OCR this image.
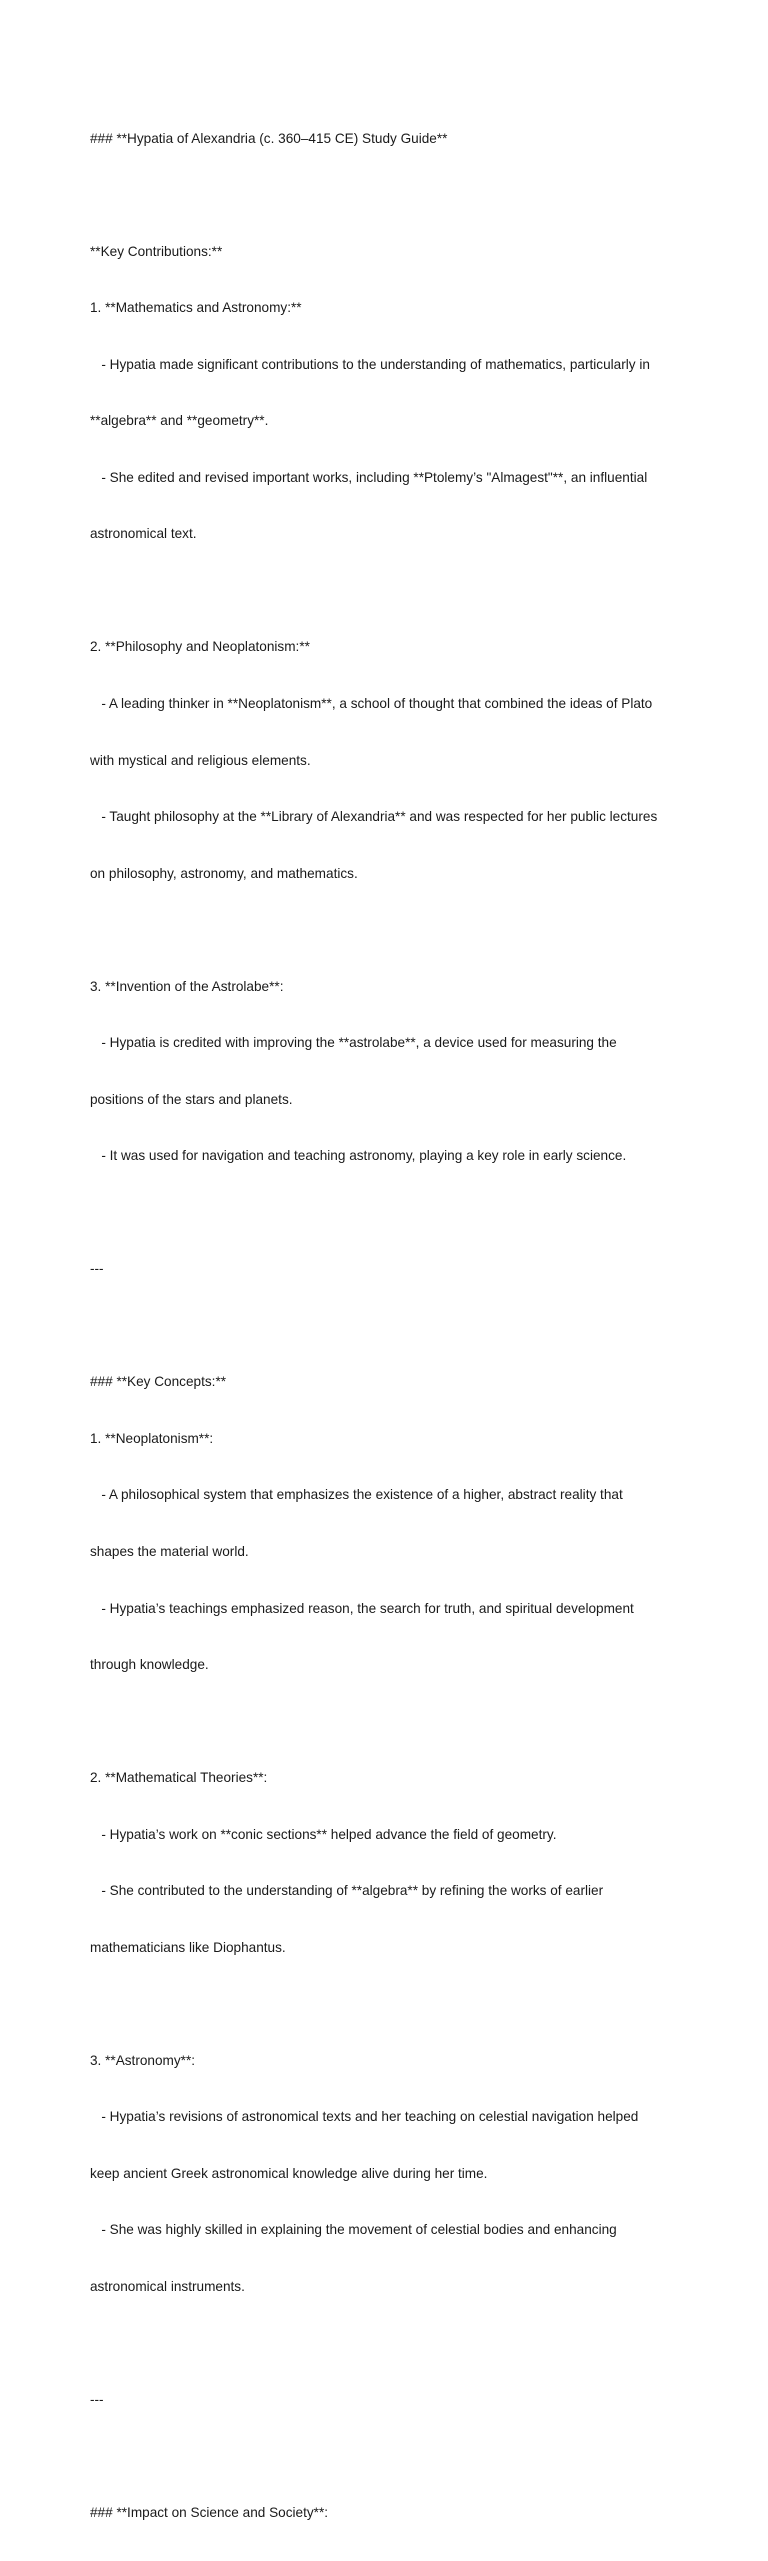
### **Hypatia of Alexandria (c. 360–415 CE) Study Guide**

**Key Contributions:**

1. **Mathematics and Astronomy:**

- Hypatia made significant contributions to the understanding of mathematics, particularly in

**algebra** and **geometry**.

- She edited and revised important works, including **Ptolemy’s "Almagest"**, an influential

astronomical text.

2. **Philosophy and Neoplatonism:**

- A leading thinker in **Neoplatonism**, a school of thought that combined the ideas of Plato

with mystical and religious elements.

- Taught philosophy at the **Library of Alexandria** and was respected for her public lectures

on philosophy, astronomy, and mathematics.

3. **Invention of the Astrolabe**:

- Hypatia is credited with improving the **astrolabe**, a device used for measuring the

positions of the stars and planets.

- It was used for navigation and teaching astronomy, playing a key role in early science.

---

### **Key Concepts:**

1. **Neoplatonism**:

- A philosophical system that emphasizes the existence of a higher, abstract reality that

shapes the material world.

- Hypatia’s teachings emphasized reason, the search for truth, and spiritual development

through knowledge.

2. **Mathematical Theories**:

- Hypatia’s work on **conic sections** helped advance the field of geometry.

- She contributed to the understanding of **algebra** by refining the works of earlier

mathematicians like Diophantus.

3. **Astronomy**:

- Hypatia’s revisions of astronomical texts and her teaching on celestial navigation helped

keep ancient Greek astronomical knowledge alive during her time.

- She was highly skilled in explaining the movement of celestial bodies and enhancing

astronomical instruments.

---

### **Impact on Science and Society**:
